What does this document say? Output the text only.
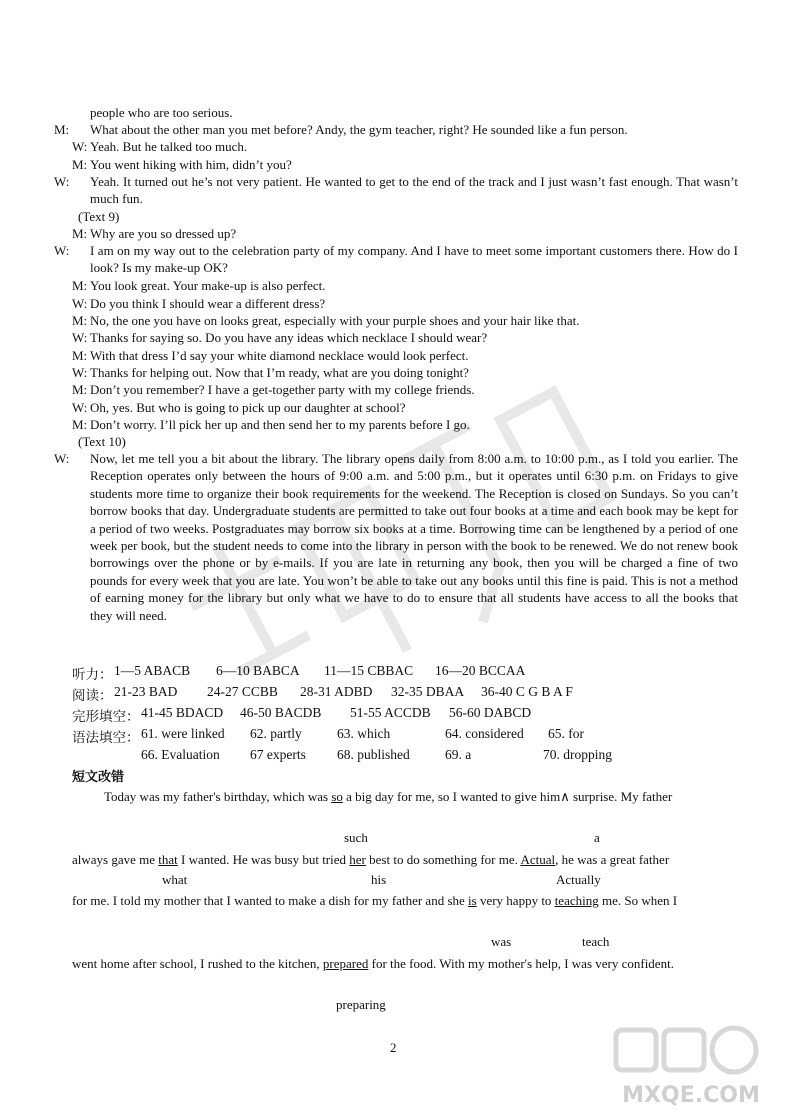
people who are too serious.
M: What about the other man you met before? Andy, the gym teacher, right? He sounded like a fun person.
W: Yeah. But he talked too much.
M: You went hiking with him, didn’t you?
W: Yeah. It turned out he’s not very patient. He wanted to get to the end of the track and I just wasn’t fast enough. That wasn’t much fun.
(Text 9)
M: Why are you so dressed up?
W: I am on my way out to the celebration party of my company. And I have to meet some important customers there. How do I look? Is my make-up OK?
M: You look great. Your make-up is also perfect.
W: Do you think I should wear a different dress?
M: No, the one you have on looks great, especially with your purple shoes and your hair like that.
W: Thanks for saying so. Do you have any ideas which necklace I should wear?
M: With that dress I’d say your white diamond necklace would look perfect.
W: Thanks for helping out. Now that I’m ready, what are you doing tonight?
M: Don’t you remember? I have a get-together party with my college friends.
W: Oh, yes. But who is going to pick up our daughter at school?
M: Don’t worry. I’ll pick her up and then send her to my parents before I go.
(Text 10)
W: Now, let me tell you a bit about the library. The library opens daily from 8:00 a.m. to 10:00 p.m., as I told you earlier. The Reception operates only between the hours of 9:00 a.m. and 5:00 p.m., but it operates until 6:30 p.m. on Fridays to give students more time to organize their book requirements for the weekend. The Reception is closed on Sundays. So you can’t borrow books that day. Undergraduate students are permitted to take out four books at a time and each book may be kept for a period of two weeks. Postgraduates may borrow six books at a time. Borrowing time can be lengthened by a period of one week per book, but the student needs to come into the library in person with the book to be renewed. We do not renew book borrowings over the phone or by e-mails. If you are late in returning any book, then you will be charged a fine of two pounds for every week that you are late. You won’t be able to take out any books until this fine is paid. This is not a method of earning money for the library but only what we have to do to ensure that all students have access to all the books that they will need.
听力： 1—5 ABACB 6—10 BABCA 11—15 CBBAC 16—20 BCCAA
阅读： 21-23 BAD 24-27 CCBB 28-31 ADBD 32-35 DBAA 36-40 C G B A F
完形填空： 41-45 BDACD 46-50 BACDB 51-55 ACCDB 56-60 DABCD
语法填空： 61. were linked 62. partly	63. which	64. considered 65. for
66. Evaluation 67 experts 68. published	69. a	70. dropping
短文改错
Today was my father's birthday, which was so a big day for me, so I wanted to give him∧ surprise. My father
such	a
always gave me that I wanted. He was busy but tried her best to do something for me. Actual, he was a great father
what	his	Actually
for me. I told my mother that I wanted to make a dish for my father and she is very happy to teaching me. So when I
was	teach
went home after school, I rushed to the kitchen, prepared for the food. With my mother's help, I was very confident.
preparing
2
MXQE.COM
